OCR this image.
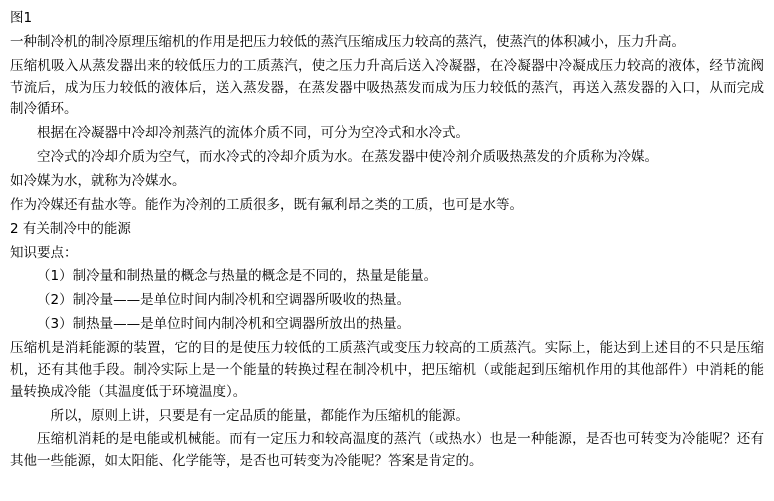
图1

一种制冷机的制冷原理压缩机的作用是把压力较低的蒸汽压缩成压力较高的蒸汽，使蒸汽的体积减小，压力升高。

压缩机吸入从蒸发器出来的较低压力的工质蒸汽，使之压力升高后送入冷凝器，在冷凝器中冷凝成压力较高的液体，经节流阀节流后，成为压力较低的液体后，送入蒸发器，在蒸发器中吸热蒸发而成为压力较低的蒸汽，再送入蒸发器的入口，从而完成制冷循环。

根据在冷凝器中冷却冷剂蒸汽的流体介质不同，可分为空冷式和水冷式。

空冷式的冷却介质为空气，而水冷式的冷却介质为水。在蒸发器中使冷剂介质吸热蒸发的介质称为冷媒。

如冷媒为水，就称为冷媒水。

作为冷媒还有盐水等。能作为冷剂的工质很多，既有氟利昂之类的工质，也可是水等。

2 有关制冷中的能源

知识要点：

（1）制冷量和制热量的概念与热量的概念是不同的，热量是能量。

（2）制冷量——是单位时间内制冷机和空调器所吸收的热量。

（3）制热量——是单位时间内制冷机和空调器所放出的热量。

压缩机是消耗能源的装置，它的目的是使压力较低的工质蒸汽或变压力较高的工质蒸汽。实际上，能达到上述目的不只是压缩机，还有其他手段。制冷实际上是一个能量的转换过程在制冷机中，把压缩机（或能起到压缩机作用的其他部件）中消耗的能量转换成冷能（其温度低于环境温度）。

所以，原则上讲，只要是有一定品质的能量，都能作为压缩机的能源。

压缩机消耗的是电能或机械能。而有一定压力和较高温度的蒸汽（或热水）也是一种能源，是否也可转变为冷能呢？还有其他一些能源，如太阳能、化学能等，是否也可转变为冷能呢？答案是肯定的。
